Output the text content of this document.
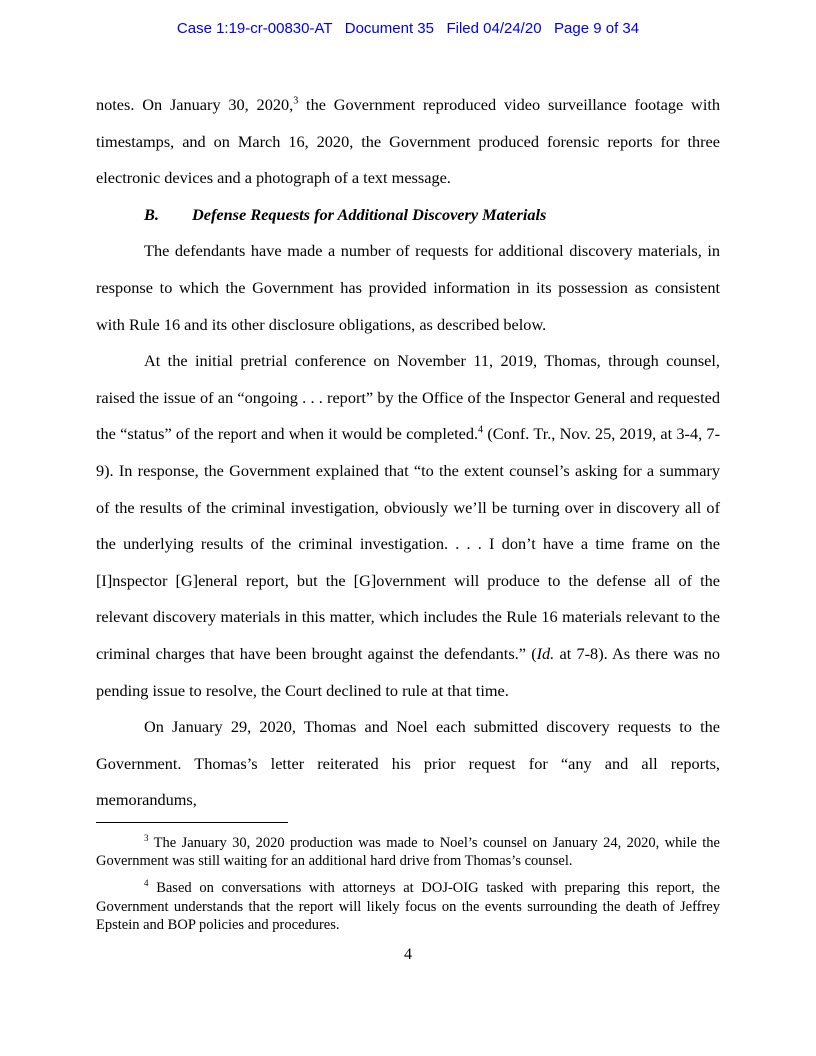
Case 1:19-cr-00830-AT   Document 35   Filed 04/24/20   Page 9 of 34

notes. On January 30, 2020,$^3$ the Government reproduced video surveillance footage with timestamps, and on March 16, 2020, the Government produced forensic reports for three electronic devices and a photograph of a text message.

B. Defense Requests for Additional Discovery Materials

The defendants have made a number of requests for additional discovery materials, in response to which the Government has provided information in its possession as consistent with Rule 16 and its other disclosure obligations, as described below.

At the initial pretrial conference on November 11, 2019, Thomas, through counsel, raised the issue of an “ongoing . . . report” by the Office of the Inspector General and requested the “status” of the report and when it would be completed.$^4$ (Conf. Tr., Nov. 25, 2019, at 3-4, 7-9). In response, the Government explained that “to the extent counsel’s asking for a summary of the results of the criminal investigation, obviously we’ll be turning over in discovery all of the underlying results of the criminal investigation. . . . I don’t have a time frame on the [I]nspector [G]eneral report, but the [G]overnment will produce to the defense all of the relevant discovery materials in this matter, which includes the Rule 16 materials relevant to the criminal charges that have been brought against the defendants.” (Id. at 7-8). As there was no pending issue to resolve, the Court declined to rule at that time.

On January 29, 2020, Thomas and Noel each submitted discovery requests to the Government. Thomas’s letter reiterated his prior request for “any and all reports, memorandums,

$^3$ The January 30, 2020 production was made to Noel’s counsel on January 24, 2020, while the Government was still waiting for an additional hard drive from Thomas’s counsel.

$^4$ Based on conversations with attorneys at DOJ-OIG tasked with preparing this report, the Government understands that the report will likely focus on the events surrounding the death of Jeffrey Epstein and BOP policies and procedures.

4
